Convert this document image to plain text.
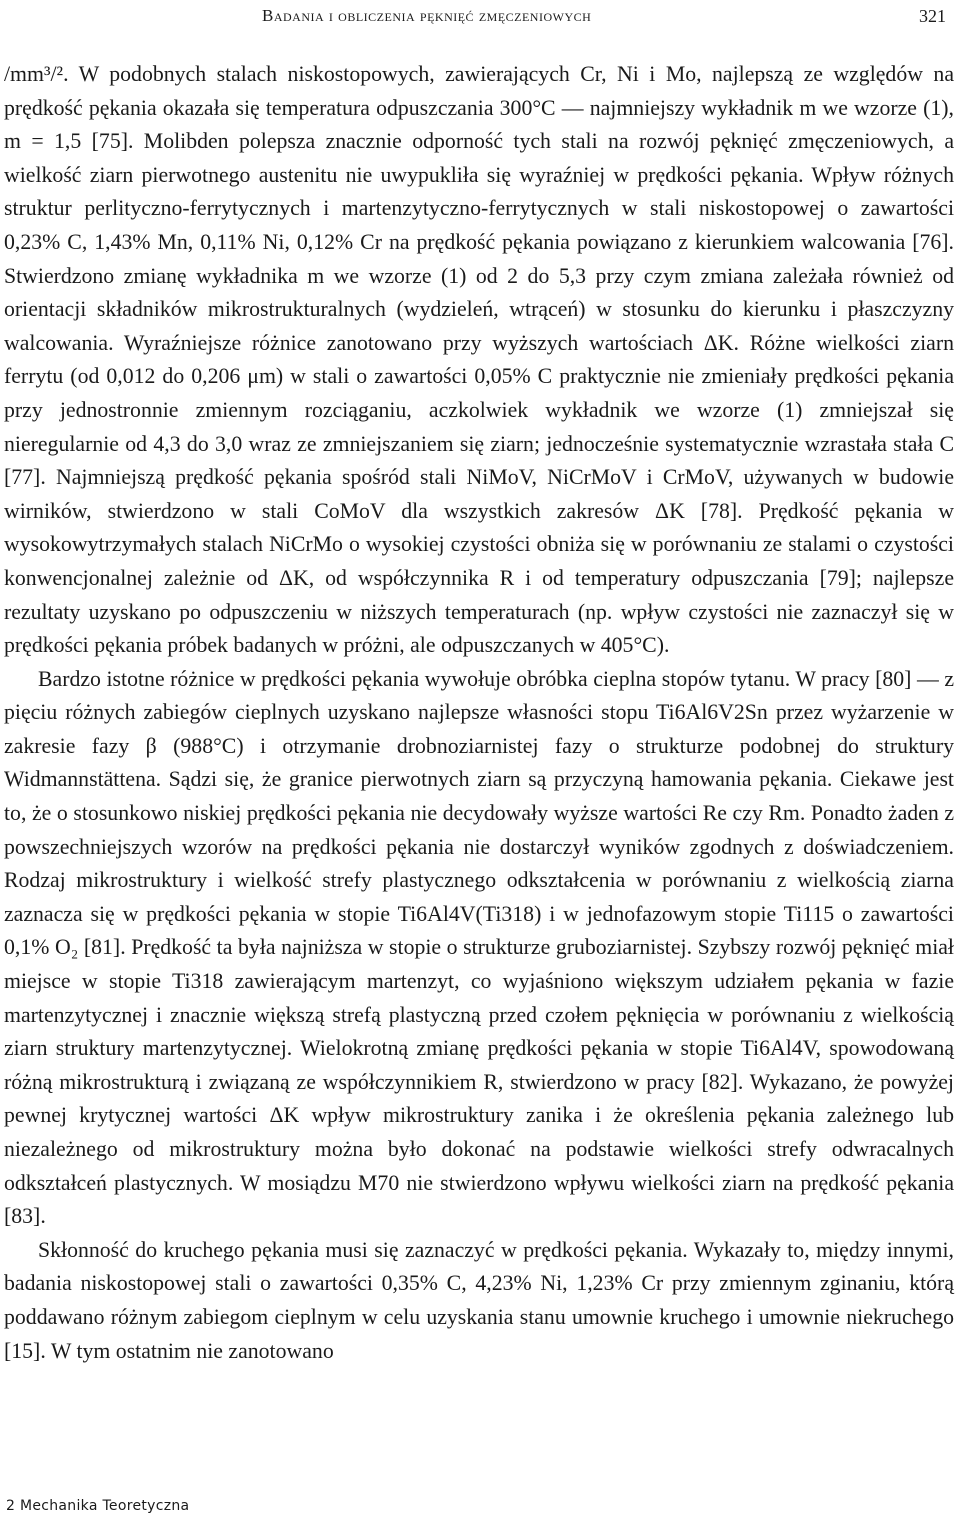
Badania i obliczenia pęknięć zmęczeniowych	321

/mm³/². W podobnych stalach niskostopowych, zawierających Cr, Ni i Mo, najlepszą ze względów na prędkość pękania okazała się temperatura odpuszczania 300°C — najmniejszy wykładnik m we wzorze (1), m = 1,5 [75]. Molibden polepsza znacznie odporność tych stali na rozwój pęknięć zmęczeniowych, a wielkość ziarn pierwotnego austenitu nie uwypukliła się wyraźniej w prędkości pękania. Wpływ różnych struktur perlityczno-ferrytycznych i martenzytyczno-ferrytycznych w stali niskostopowej o zawartości 0,23% C, 1,43% Mn, 0,11% Ni, 0,12% Cr na prędkość pękania powiązano z kierunkiem walcowania [76]. Stwierdzono zmianę wykładnika m we wzorze (1) od 2 do 5,3 przy czym zmiana zależała również od orientacji składników mikrostrukturalnych (wydzieleń, wtrąceń) w stosunku do kierunku i płaszczyzny walcowania. Wyraźniejsze różnice zanotowano przy wyższych wartościach ΔK. Różne wielkości ziarn ferrytu (od 0,012 do 0,206 μm) w stali o zawartości 0,05% C praktycznie nie zmieniały prędkości pękania przy jednostronnie zmiennym rozciąganiu, aczkolwiek wykładnik we wzorze (1) zmniejszał się nieregularnie od 4,3 do 3,0 wraz ze zmniejszaniem się ziarn; jednocześnie systematycznie wzrastała stała C [77]. Najmniejszą prędkość pękania spośród stali NiMoV, NiCrMoV i CrMoV, używanych w budowie wirników, stwierdzono w stali CoMoV dla wszystkich zakresów ΔK [78]. Prędkość pękania w wysokowytrzymałych stalach NiCrMo o wysokiej czystości obniża się w porównaniu ze stalami o czystości konwencjonalnej zależnie od ΔK, od współczynnika R i od temperatury odpuszczania [79]; najlepsze rezultaty uzyskano po odpuszczeniu w niższych temperaturach (np. wpływ czystości nie zaznaczył się w prędkości pękania próbek badanych w próżni, ale odpuszczanych w 405°C).

Bardzo istotne różnice w prędkości pękania wywołuje obróbka cieplna stopów tytanu. W pracy [80] — z pięciu różnych zabiegów cieplnych uzyskano najlepsze własności stopu Ti6Al6V2Sn przez wyżarzenie w zakresie fazy β (988°C) i otrzymanie drobnoziarnistej fazy o strukturze podobnej do struktury Widmannstättena. Sądzi się, że granice pierwotnych ziarn są przyczyną hamowania pękania. Ciekawe jest to, że o stosunkowo niskiej prędkości pękania nie decydowały wyższe wartości Re czy Rm. Ponadto żaden z powszechniejszych wzorów na prędkości pękania nie dostarczył wyników zgodnych z doświadczeniem. Rodzaj mikrostruktury i wielkość strefy plastycznego odkształcenia w porównaniu z wielkością ziarna zaznacza się w prędkości pękania w stopie Ti6Al4V(Ti318) i w jednofazowym stopie Ti115 o zawartości 0,1% O₂ [81]. Prędkość ta była najniższa w stopie o strukturze gruboziarnistej. Szybszy rozwój pęknięć miał miejsce w stopie Ti318 zawierającym martenzyt, co wyjaśniono większym udziałem pękania w fazie martenzytycznej i znacznie większą strefą plastyczną przed czołem pęknięcia w porównaniu z wielkością ziarn struktury martenzytycznej. Wielokrotną zmianę prędkości pękania w stopie Ti6Al4V, spowodowaną różną mikrostrukturą i związaną ze współczynnikiem R, stwierdzono w pracy [82]. Wykazano, że powyżej pewnej krytycznej wartości ΔK wpływ mikrostruktury zanika i że określenia pękania zależnego lub niezależnego od mikrostruktury można było dokonać na podstawie wielkości strefy odwracalnych odkształceń plastycznych. W mosiądzu M70 nie stwierdzono wpływu wielkości ziarn na prędkość pękania [83].

Skłonność do kruchego pękania musi się zaznaczyć w prędkości pękania. Wykazały to, między innymi, badania niskostopowej stali o zawartości 0,35% C, 4,23% Ni, 1,23% Cr przy zmiennym zginaniu, którą poddawano różnym zabiegom cieplnym w celu uzyskania stanu umownie kruchego i umownie niekruchego [15]. W tym ostatnim nie zanotowano

2 Mechanika Teoretyczna
